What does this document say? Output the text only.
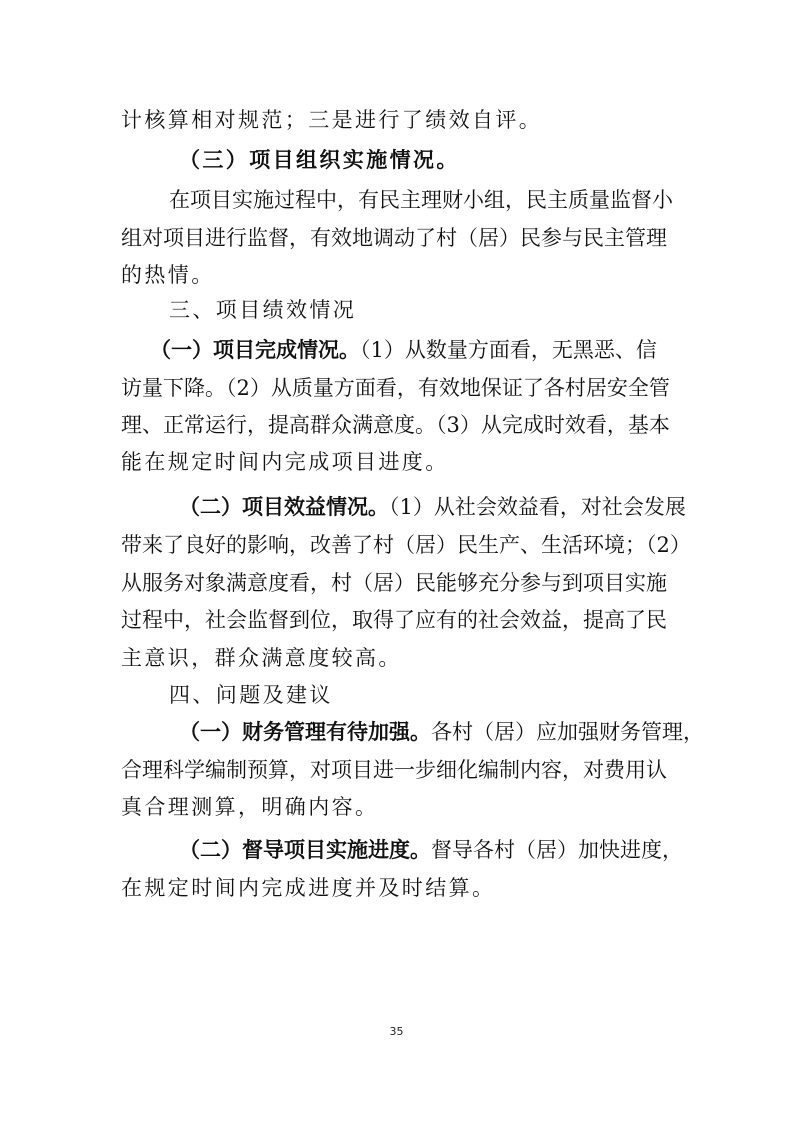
计核算相对规范；三是进行了绩效自评。
（三）项目组织实施情况。
在项目实施过程中，有民主理财小组，民主质量监督小
组对项目进行监督，有效地调动了村（居）民参与民主管理
的热情。
三、项目绩效情况
（一）项目完成情况。（1）从数量方面看，无黑恶、信
访量下降。（2）从质量方面看，有效地保证了各村居安全管
理、正常运行，提高群众满意度。（3）从完成时效看，基本
能在规定时间内完成项目进度。
（二）项目效益情况。（1）从社会效益看，对社会发展
带来了良好的影响，改善了村（居）民生产、生活环境；（2）
从服务对象满意度看，村（居）民能够充分参与到项目实施
过程中，社会监督到位，取得了应有的社会效益，提高了民
主意识，群众满意度较高。
四、问题及建议
（一）财务管理有待加强。各村（居）应加强财务管理，
合理科学编制预算，对项目进一步细化编制内容，对费用认
真合理测算，明确内容。
（二）督导项目实施进度。督导各村（居）加快进度，
在规定时间内完成进度并及时结算。
35
